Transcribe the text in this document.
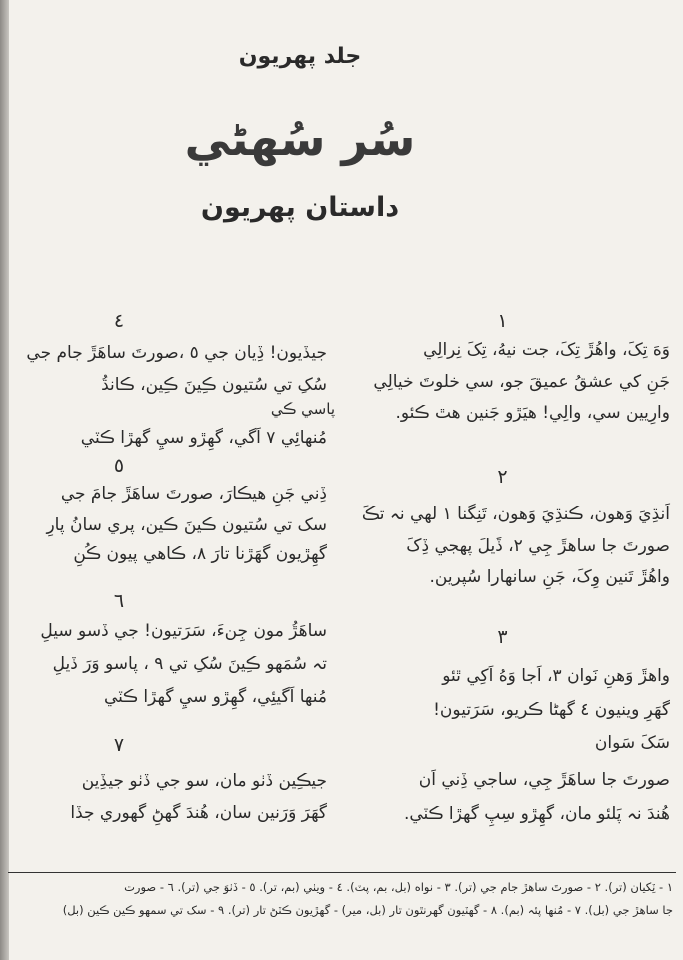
جلد پهريون
سُر سُهڻي
داستان پهريون
١
وَهَ تِکَ، واهُڙَ تِکَ، جت نيهُ، تِکَ نِرالِي
جَنِ کي عشقُ عميقَ جو، سي خلوتَ خيالِي
وارِيين سي، والِي! هيَڙو جَنين هٿ ڪئو.
٢
اَنڌِيَ وَهون، ڪنڌِيَ وَهون، تَنِگنا ١ لهي نہ تڪَ
صورتَ جا ساهڙَ جِي ٢، ڏَيلَ پهجي ڏِکَ
واهُڙَ تَنين وِکَ، جَنِ سانهارا سُپرين.
٣
واهڙَ وَهنِ نَوان ٣، اَجا وَهُ اَکِي ٿئو
گهَرِ وينيون ٤ گهڻا ڪريو، سَرَتيون!
سَکَ سَوان
صورتَ جا ساهَڙَ جِي، ساجي ڏِني اَن
هُندَ نہ پَلئو مان، گهِڙو سِپِ گهڙا ڪٽي.
٤
جيڏيون! ڏِيان جي ٥ ،صورتَ ساهَڙَ جام جي
سُکِ تي سُتيون ڪِينَ ڪِين، ڪانڌُ
پاسي ڪي
مُنهائِي ٧ اَگي، گهِڙو سيِ گهڙا ڪٽي
٥
ڏِني جَنِ هيڪارَ، صورتَ ساهَڙَ جامَ جي
سک تي سُتيون ڪينَ ڪين، پري سانُ پارِ
گهِڙيون گهَڙنا تارَ ٨، ڪاهي پيون ڪُنِ
٦
ساهَڙُ مون جِنءَ، سَرَتيون! جي ڏسو سيلِ
تہ سُمَهو ڪِينَ سُکِ تي ٩ ، پاسو وَرَ ڏيلِ
مُنها اَگيئِي، گهِڙو سيِ گهڙا ڪٽي
٧
جيڪِين ڏٺو مان، سو جي ڏٺو جيڏِين
گهَرَ وَرَنين سان، هُندَ گهڻِ گهوري جڏا
١ - ٽِکيان (تر). ٢ - صورتَ ساهڙ جام جي (تر). ٣ - نواه (بل، بم، پٽ). ٤ - ويٺي (بم، تر). ٥ - ڏٺوَ جي (تر). ٦ - صورت
جا ساهڙ جي (بل). ٧ - مُنها پئہ (بم). ٨ - گهٽيون گهرنٿون تار (بل، مير) - گهڙيون ڪٽڻ تار (تر). ٩ - سک تي سمهو ڪين ڪين (بل)
